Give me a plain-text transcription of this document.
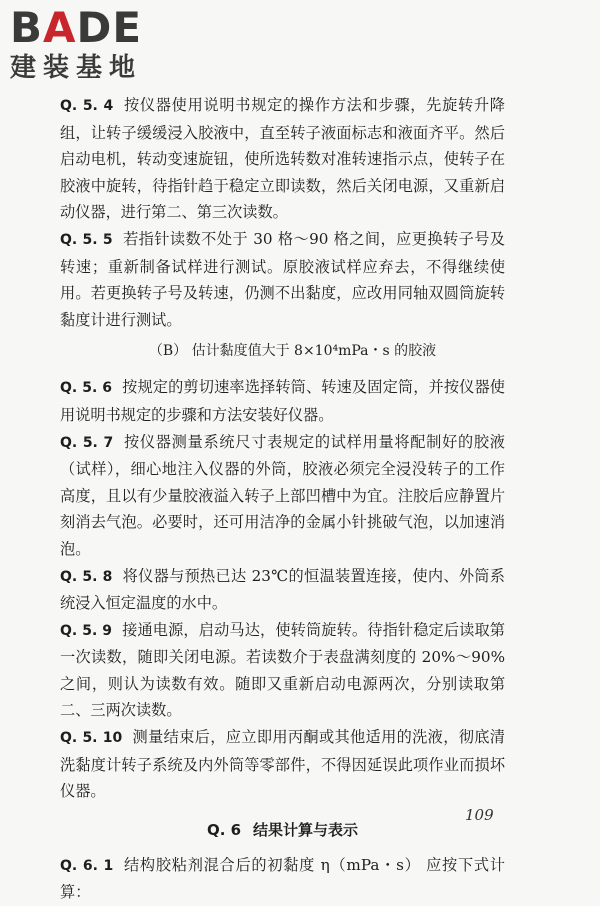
BADE
建装基地

Q. 5. 4 按仪器使用说明书规定的操作方法和步骤，先旋转升降组，让转子缓缓浸入胶液中，直至转子液面标志和液面齐平。然后启动电机，转动变速旋钮，使所选转数对准转速指示点，使转子在胶液中旋转，待指针趋于稳定立即读数，然后关闭电源，又重新启动仪器，进行第二、第三次读数。

Q. 5. 5 若指针读数不处于 30 格～90 格之间，应更换转子号及转速；重新制备试样进行测试。原胶液试样应弃去，不得继续使用。若更换转子号及转速，仍测不出黏度，应改用同轴双圆筒旋转黏度计进行测试。

（B） 估计黏度值大于 8×10⁴mPa・s 的胶液

Q. 5. 6 按规定的剪切速率选择转筒、转速及固定筒，并按仪器使用说明书规定的步骤和方法安装好仪器。

Q. 5. 7 按仪器测量系统尺寸表规定的试样用量将配制好的胶液（试样），细心地注入仪器的外筒，胶液必须完全浸没转子的工作高度，且以有少量胶液溢入转子上部凹槽中为宜。注胶后应静置片刻消去气泡。必要时，还可用洁净的金属小针挑破气泡，以加速消泡。

Q. 5. 8 将仪器与预热已达 23℃的恒温装置连接，使内、外筒系统浸入恒定温度的水中。

Q. 5. 9 接通电源，启动马达，使转筒旋转。待指针稳定后读取第一次读数，随即关闭电源。若读数介于表盘满刻度的 20%～90%之间，则认为读数有效。随即又重新启动电源两次，分别读取第二、三两次读数。

Q. 5. 10 测量结束后，应立即用丙酮或其他适用的洗液，彻底清洗黏度计转子系统及内外筒等零部件，不得因延误此项作业而损坏仪器。

Q. 6 结果计算与表示

Q. 6. 1 结构胶粘剂混合后的初黏度 η（mPa・s） 应按下式计算：

109
